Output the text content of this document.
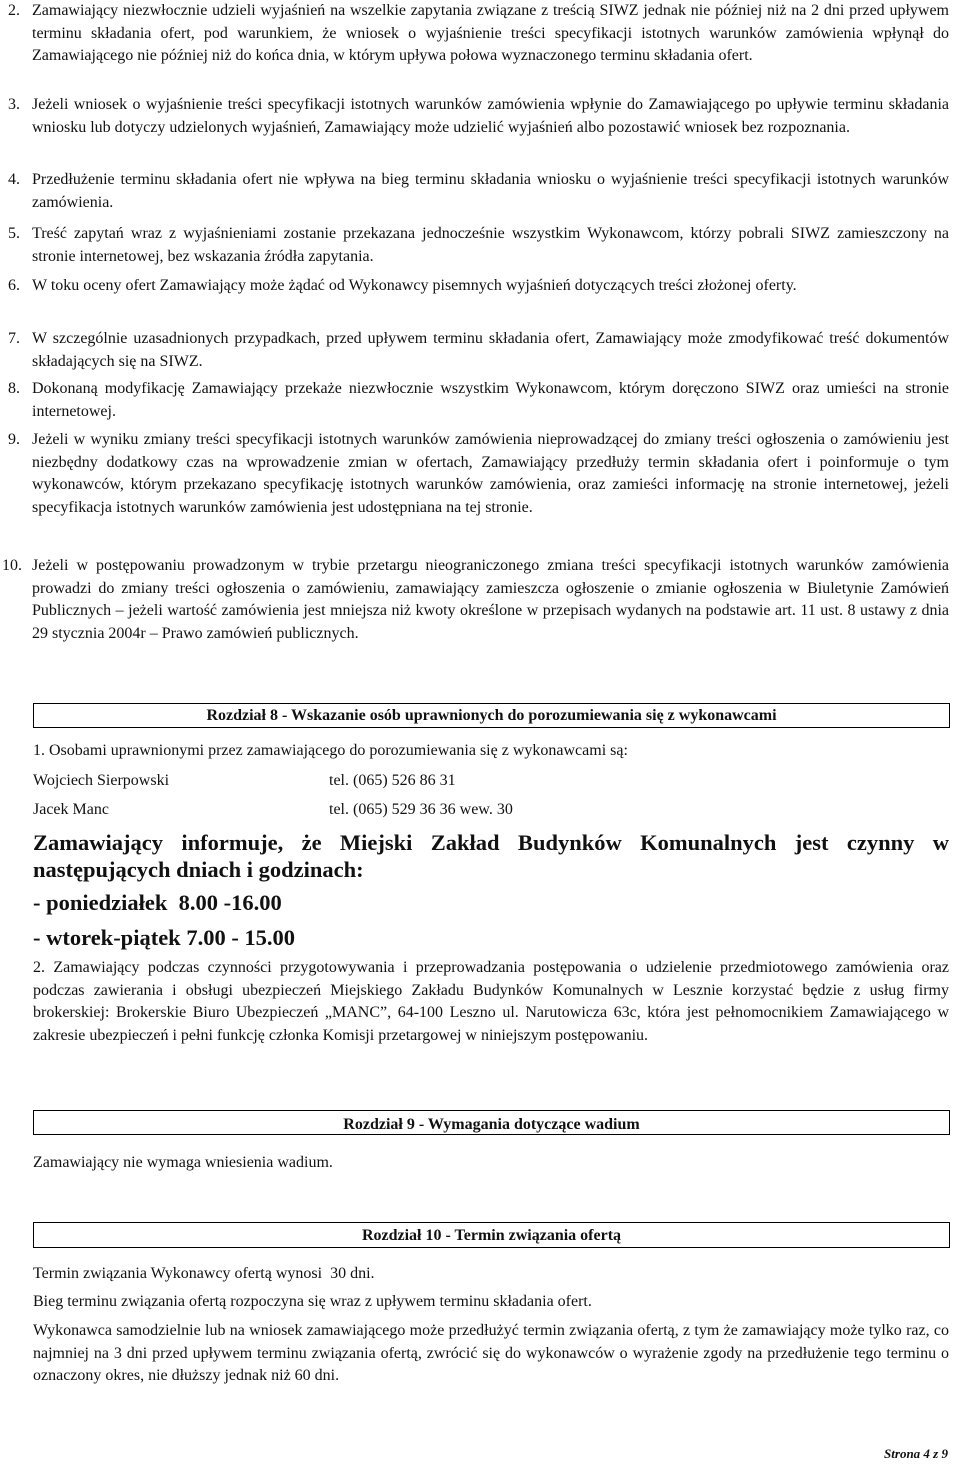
2. Zamawiający niezwłocznie udzieli wyjaśnień na wszelkie zapytania związane z treścią SIWZ jednak nie później niż na 2 dni przed upływem terminu składania ofert, pod warunkiem, że wniosek o wyjaśnienie treści specyfikacji istotnych warunków zamówienia wpłynął do Zamawiającego nie później niż do końca dnia, w którym upływa połowa wyznaczonego terminu składania ofert.
3. Jeżeli wniosek o wyjaśnienie treści specyfikacji istotnych warunków zamówienia wpłynie do Zamawiającego po upływie terminu składania wniosku lub dotyczy udzielonych wyjaśnień, Zamawiający może udzielić wyjaśnień albo pozostawić wniosek bez rozpoznania.
4. Przedłużenie terminu składania ofert nie wpływa na bieg terminu składania wniosku o wyjaśnienie treści specyfikacji istotnych warunków zamówienia.
5. Treść zapytań wraz z wyjaśnieniami zostanie przekazana jednocześnie wszystkim Wykonawcom, którzy pobrali SIWZ zamieszczony na stronie internetowej, bez wskazania źródła zapytania.
6. W toku oceny ofert Zamawiający może żądać od Wykonawcy pisemnych wyjaśnień dotyczących treści złożonej oferty.
7. W szczególnie uzasadnionych przypadkach, przed upływem terminu składania ofert, Zamawiający może zmodyfikować treść dokumentów składających się na SIWZ.
8. Dokonaną modyfikację Zamawiający przekaże niezwłocznie wszystkim Wykonawcom, którym doręczono SIWZ oraz umieści na stronie internetowej.
9. Jeżeli w wyniku zmiany treści specyfikacji istotnych warunków zamówienia nieprowadzącej do zmiany treści ogłoszenia o zamówieniu jest niezbędny dodatkowy czas na wprowadzenie zmian w ofertach, Zamawiający przedłuży termin składania ofert i poinformuje o tym wykonawców, którym przekazano specyfikację istotnych warunków zamówienia, oraz zamieści informację na stronie internetowej, jeżeli specyfikacja istotnych warunków zamówienia jest udostępniana na tej stronie.
10. Jeżeli w postępowaniu prowadzonym w trybie przetargu nieograniczonego zmiana treści specyfikacji istotnych warunków zamówienia prowadzi do zmiany treści ogłoszenia o zamówieniu, zamawiający zamieszcza ogłoszenie o zmianie ogłoszenia w Biuletynie Zamówień Publicznych – jeżeli wartość zamówienia jest mniejsza niż kwoty określone w przepisach wydanych na podstawie art. 11 ust. 8 ustawy z dnia 29 stycznia 2004r – Prawo zamówień publicznych.
Rozdział 8 - Wskazanie osób uprawnionych do porozumiewania się z wykonawcami
1. Osobami uprawnionymi przez zamawiającego do porozumiewania się z wykonawcami są:
Wojciech Sierpowski	tel. (065) 526 86 31
Jacek Manc	tel. (065) 529 36 36 wew. 30
Zamawiający informuje, że Miejski Zakład Budynków Komunalnych jest czynny w następujących dniach i godzinach:
- poniedziałek  8.00 -16.00
- wtorek-piątek 7.00 - 15.00
2. Zamawiający podczas czynności przygotowywania i przeprowadzania postępowania o udzielenie przedmiotowego zamówienia oraz podczas zawierania i obsługi ubezpieczeń Miejskiego Zakładu Budynków Komunalnych w Lesznie korzystać będzie z usług firmy brokerskiej: Brokerskie Biuro Ubezpieczeń „MANC”, 64-100 Leszno ul. Narutowicza 63c, która jest pełnomocnikiem Zamawiającego w zakresie ubezpieczeń i pełni funkcję członka Komisji przetargowej w niniejszym postępowaniu.
Rozdział 9 - Wymagania dotyczące wadium
Zamawiający nie wymaga wniesienia wadium.
Rozdział 10 - Termin związania ofertą
Termin związania Wykonawcy ofertą wynosi  30 dni.
Bieg terminu związania ofertą rozpoczyna się wraz z upływem terminu składania ofert.
Wykonawca samodzielnie lub na wniosek zamawiającego może przedłużyć termin związania ofertą, z tym że zamawiający może tylko raz, co najmniej na 3 dni przed upływem terminu związania ofertą, zwrócić się do wykonawców o wyrażenie zgody na przedłużenie tego terminu o oznaczony okres, nie dłuższy jednak niż 60 dni.
Strona 4 z 9
